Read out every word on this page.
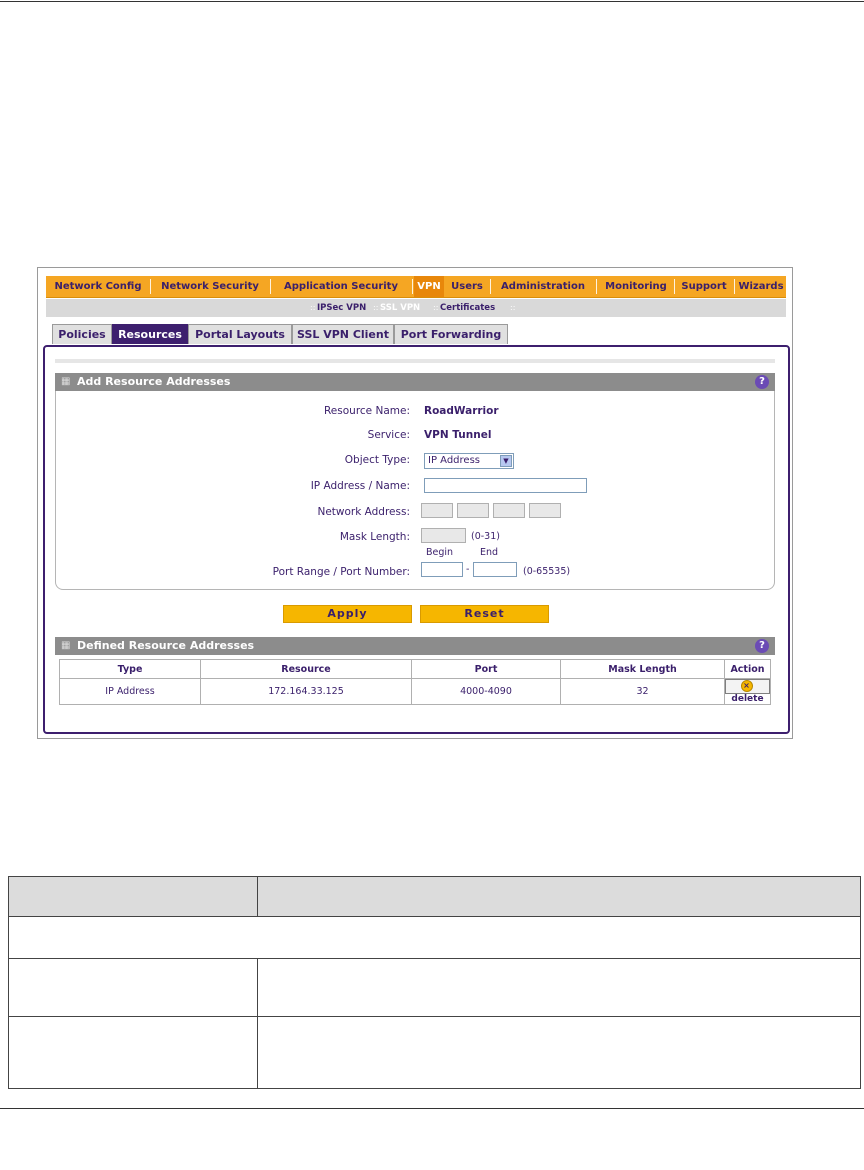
Network Config	Network Security	Application Security	VPN	Users	Administration	Monitoring	Support	Wizards
:: IPSec VPN :: SSL VPN :: Certificates ::
Policies	Resources	Portal Layouts	SSL VPN Client	Port Forwarding
▦ Add Resource Addresses	?
Resource Name: RoadWarrior
Service: VPN Tunnel
Object Type:	IP Address	▼
IP Address / Name:
Network Address:
Mask Length:	(0-31)
Begin	End
Port Range / Port Number:	-	(0-65535)
Apply	Reset
▦ Defined Resource Addresses	?
Type	Resource	Port	Mask Length	Action
IP Address	172.164.33.125	4000-4090	32	×delete
